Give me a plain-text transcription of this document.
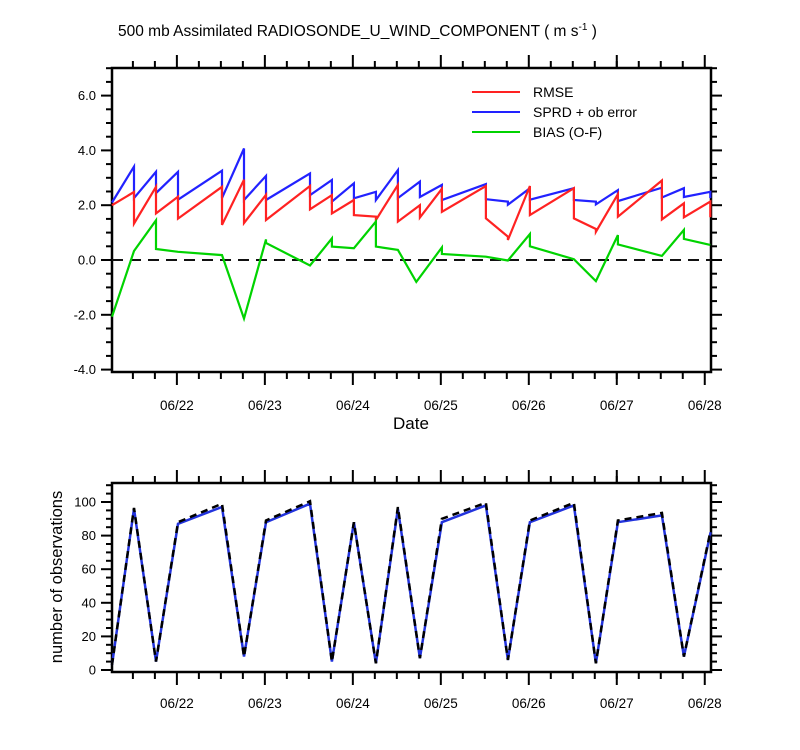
06/22	06/23	06/24	06/25	06/26	06/27	06/28
-4.0
-2.0
0.0
2.0
4.0
6.0
06/22	06/23	06/24	06/25	06/26	06/27	06/28
0
20
40
60
80
100
500 mb Assimilated RADIOSONDE_U_WIND_COMPONENT ( m $s^{-1}$ )
RMSE
SPRD + ob error
BIAS (O-F)
Date
number of observations
